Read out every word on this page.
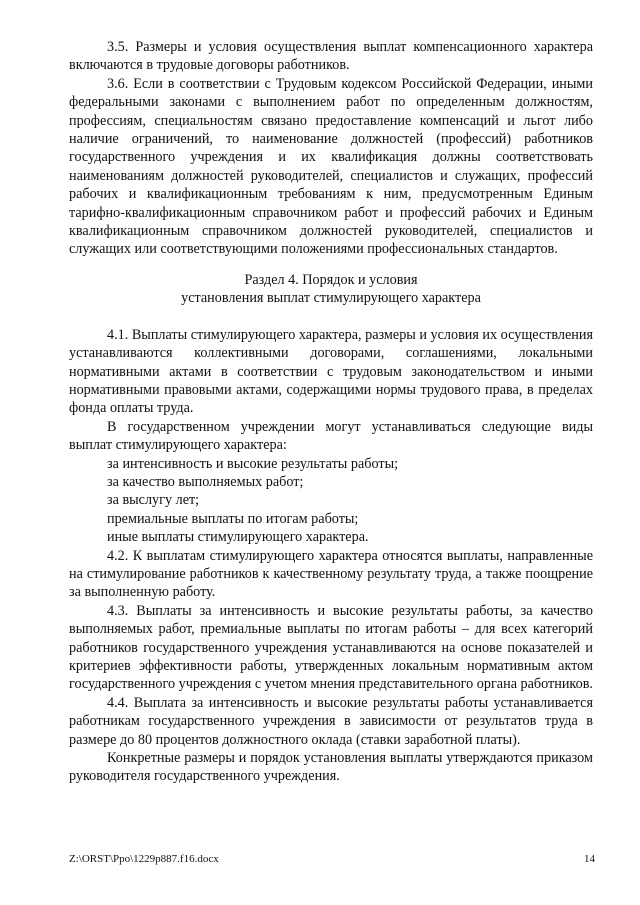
3.5. Размеры и условия осуществления выплат компенсационного характера включаются в трудовые договоры работников.

3.6. Если в соответствии с Трудовым кодексом Российской Федерации, иными федеральными законами с выполнением работ по определенным должностям, профессиям, специальностям связано предоставление компенсаций и льгот либо наличие ограничений, то наименование должностей (профессий) работников государственного учреждения и их квалификация должны соответствовать наименованиям должностей руководителей, специалистов и служащих, профессий рабочих и квалификационным требованиям к ним, предусмотренным Единым тарифно-квалификационным справочником работ и профессий рабочих и Единым квалификационным справочником должностей руководителей, специалистов и служащих или соответствующими положениями профессиональных стандартов.

Раздел 4. Порядок и условия

установления выплат стимулирующего характера

4.1. Выплаты стимулирующего характера, размеры и условия их осуществления устанавливаются коллективными договорами, соглашениями, локальными нормативными актами в соответствии с трудовым законодательством и иными нормативными правовыми актами, содержащими нормы трудового права, в пределах фонда оплаты труда.

В государственном учреждении могут устанавливаться следующие виды выплат стимулирующего характера:

за интенсивность и высокие результаты работы;

за качество выполняемых работ;

за выслугу лет;

премиальные выплаты по итогам работы;

иные выплаты стимулирующего характера.

4.2. К выплатам стимулирующего характера относятся выплаты, направленные на стимулирование работников к качественному результату труда, а также поощрение за выполненную работу.

4.3. Выплаты за интенсивность и высокие результаты работы, за качество выполняемых работ, премиальные выплаты по итогам работы – для всех категорий работников государственного учреждения устанавливаются на основе показателей и критериев эффективности работы, утвержденных локальным нормативным актом государственного учреждения с учетом мнения представительного органа работников.

4.4. Выплата за интенсивность и высокие результаты работы устанавливается работникам государственного учреждения в зависимости от результатов труда в размере до 80 процентов должностного оклада (ставки заработной платы).

Конкретные размеры и порядок установления выплаты утверждаются приказом руководителя государственного учреждения.

Z:\ORST\Ppo\1229p887.f16.docx	14
